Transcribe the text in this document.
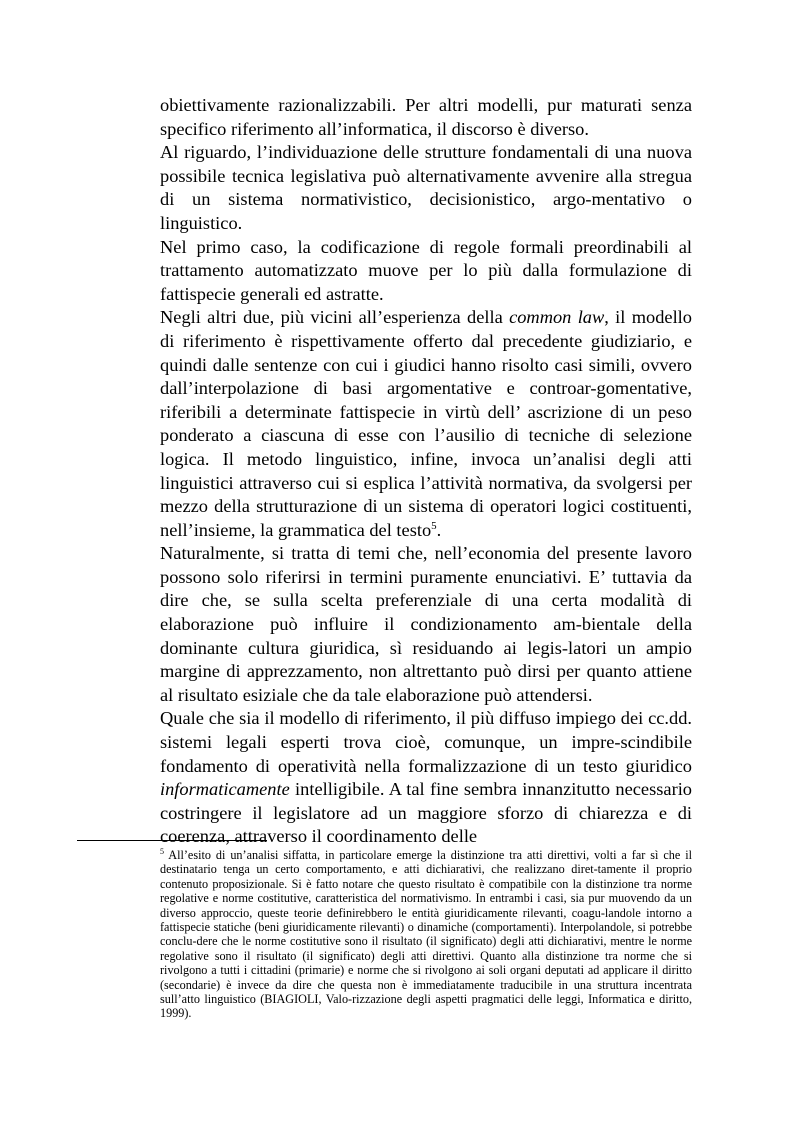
obiettivamente razionalizzabili. Per altri modelli, pur maturati senza specifico riferimento all’informatica, il discorso è diverso.

Al riguardo, l’individuazione delle strutture fondamentali di una nuova possibile tecnica legislativa può alternativamente avvenire alla stregua di un sistema normativistico, decisionistico, argo-mentativo o linguistico.

Nel primo caso, la codificazione di regole formali preordinabili al trattamento automatizzato muove per lo più dalla formulazione di fattispecie generali ed astratte.

Negli altri due, più vicini all’esperienza della common law, il modello di riferimento è rispettivamente offerto dal precedente giudiziario, e quindi dalle sentenze con cui i giudici hanno risolto casi simili, ovvero dall’interpolazione di basi argomentative e controar-gomentative, riferibili a determinate fattispecie in virtù dell’ ascrizione di un peso ponderato a ciascuna di esse con l’ausilio di tecniche di selezione logica. Il metodo linguistico, infine, invoca un’analisi degli atti linguistici attraverso cui si esplica l’attività normativa, da svolgersi per mezzo della strutturazione di un sistema di operatori logici costituenti, nell’insieme, la grammatica del testo$^5$.

Naturalmente, si tratta di temi che, nell’economia del presente lavoro possono solo riferirsi in termini puramente enunciativi. E’ tuttavia da dire che, se sulla scelta preferenziale di una certa modalità di elaborazione può influire il condizionamento am-bientale della dominante cultura giuridica, sì residuando ai legis-latori un ampio margine di apprezzamento, non altrettanto può dirsi per quanto attiene al risultato esiziale che da tale elaborazione può attendersi.

Quale che sia il modello di riferimento, il più diffuso impiego dei cc.dd. sistemi legali esperti trova cioè, comunque, un impre-scindibile fondamento di operatività nella formalizzazione di un testo giuridico informaticamente intelligibile. A tal fine sembra innanzitutto necessario costringere il legislatore ad un maggiore sforzo di chiarezza e di coerenza, attraverso il coordinamento delle

$^5$ All’esito di un’analisi siffatta, in particolare emerge la distinzione tra atti direttivi, volti a far sì che il destinatario tenga un certo comportamento, e atti dichiarativi, che realizzano diret-tamente il proprio contenuto proposizionale. Si è fatto notare che questo risultato è compatibile con la distinzione tra norme regolative e norme costitutive, caratteristica del normativismo. In entrambi i casi, sia pur muovendo da un diverso approccio, queste teorie definirebbero le entità giuridicamente rilevanti, coagu-landole intorno a fattispecie statiche (beni giuridicamente rilevanti) o dinamiche (comportamenti). Interpolandole, si potrebbe conclu-dere che le norme costitutive sono il risultato (il significato) degli atti dichiarativi, mentre le norme regolative sono il risultato (il significato) degli atti direttivi. Quanto alla distinzione tra norme che si rivolgono a tutti i cittadini (primarie) e norme che si rivolgono ai soli organi deputati ad applicare il diritto (secondarie) è invece da dire che questa non è immediatamente traducibile in una struttura incentrata sull’atto linguistico (BIAGIOLI, Valo-rizzazione degli aspetti pragmatici delle leggi, Informatica e diritto, 1999).
